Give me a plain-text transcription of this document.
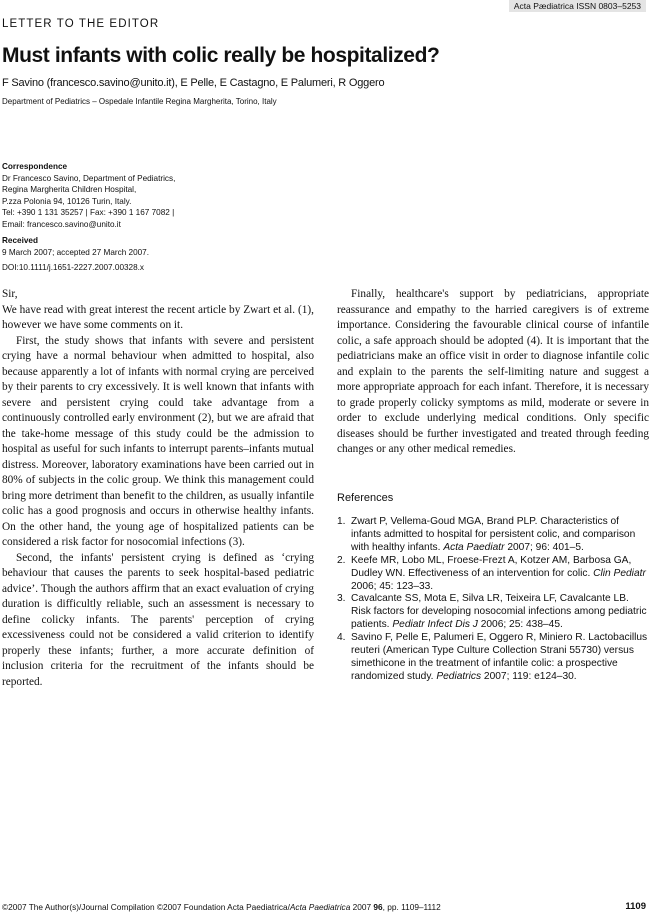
Acta Pædiatrica ISSN 0803–5253
LETTER TO THE EDITOR
Must infants with colic really be hospitalized?
F Savino (francesco.savino@unito.it), E Pelle, E Castagno, E Palumeri, R Oggero
Department of Pediatrics – Ospedale Infantile Regina Margherita, Torino, Italy
Correspondence
Dr Francesco Savino, Department of Pediatrics,
Regina Margherita Children Hospital,
P.zza Polonia 94, 10126 Turin, Italy.
Tel: +390 1 131 35257 | Fax: +390 1 167 7082 |
Email: francesco.savino@unito.it
Received
9 March 2007; accepted 27 March 2007.
DOI:10.1111/j.1651-2227.2007.00328.x

Sir,

We have read with great interest the recent article by Zwart et al. (1), however we have some comments on it.

First, the study shows that infants with severe and persistent crying have a normal behaviour when admitted to hospital, also because apparently a lot of infants with normal crying are perceived by their parents to cry excessively. It is well known that infants with severe and persistent crying could take advantage from a continuously controlled early environment (2), but we are afraid that the take-home message of this study could be the admission to hospital as useful for such infants to interrupt parents–infants mutual distress. Moreover, laboratory examinations have been carried out in 80% of subjects in the colic group. We think this management could bring more detriment than benefit to the children, as usually infantile colic has a good prognosis and occurs in otherwise healthy infants. On the other hand, the young age of hospitalized patients can be considered a risk factor for nosocomial infections (3).

Second, the infants' persistent crying is defined as ‘crying behaviour that causes the parents to seek hospital-based pediatric advice’. Though the authors affirm that an exact evaluation of crying duration is difficultly reliable, such an assessment is necessary to define colicky infants. The parents' perception of crying excessiveness could not be considered a valid criterion to identify properly these infants; further, a more accurate definition of inclusion criteria for the recruitment of the infants should be reported.

Finally, healthcare's support by pediatricians, appropriate reassurance and empathy to the harried caregivers is of extreme importance. Considering the favourable clinical course of infantile colic, a safe approach should be adopted (4). It is important that the pediatricians make an office visit in order to diagnose infantile colic and explain to the parents the self-limiting nature and suggest a more appropriate approach for each infant. Therefore, it is necessary to grade properly colicky symptoms as mild, moderate or severe in order to exclude underlying medical conditions. Only specific diseases should be further investigated and treated through feeding changes or any other medical remedies.

References
1. Zwart P, Vellema-Goud MGA, Brand PLP. Characteristics of infants admitted to hospital for persistent colic, and comparison with healthy infants. Acta Paediatr 2007; 96: 401–5.
2. Keefe MR, Lobo ML, Froese-Frezt A, Kotzer AM, Barbosa GA, Dudley WN. Effectiveness of an intervention for colic. Clin Pediatr 2006; 45: 123–33.
3. Cavalcante SS, Mota E, Silva LR, Teixeira LF, Cavalcante LB. Risk factors for developing nosocomial infections among pediatric patients. Pediatr Infect Dis J 2006; 25: 438–45.
4. Savino F, Pelle E, Palumeri E, Oggero R, Miniero R. Lactobacillus reuteri (American Type Culture Collection Strani 55730) versus simethicone in the treatment of infantile colic: a prospective randomized study. Pediatrics 2007; 119: e124–30.
©2007 The Author(s)/Journal Compilation ©2007 Foundation Acta Paediatrica/Acta Paediatrica 2007 96, pp. 1109–1112	1109
